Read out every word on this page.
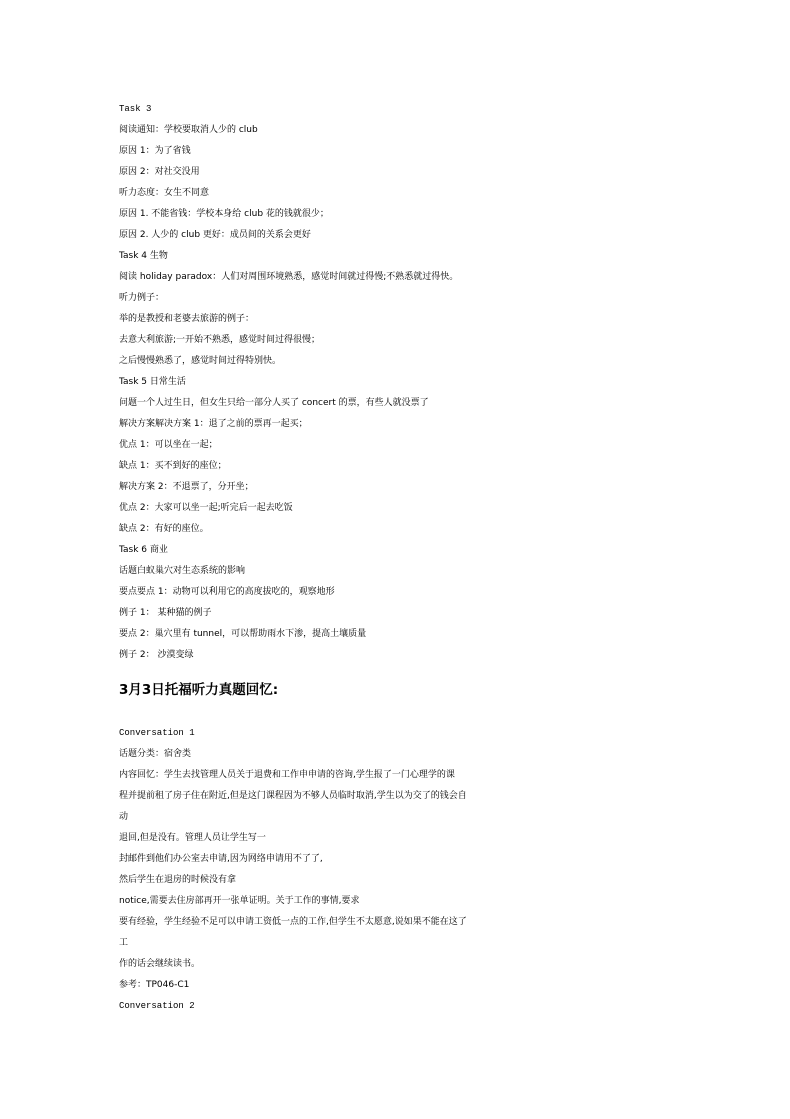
Task 3
阅读通知：学校要取消人少的 club
原因 1：为了省钱
原因 2：对社交没用
听力态度：女生不同意
原因 1. 不能省钱：学校本身给 club 花的钱就很少；
原因 2. 人少的 club 更好：成员间的关系会更好
Task 4 生物
阅读 holiday paradox：人们对周围环境熟悉，感觉时间就过得慢;不熟悉就过得快。
听力例子：
举的是教授和老婆去旅游的例子：
去意大利旅游;一开始不熟悉，感觉时间过得很慢；
之后慢慢熟悉了，感觉时间过得特别快。
Task 5 日常生活
问题一个人过生日，但女生只给一部分人买了 concert 的票，有些人就没票了
解决方案解决方案 1：退了之前的票再一起买；
优点 1：可以坐在一起；
缺点 1：买不到好的座位；
解决方案 2：不退票了，分开坐；
优点 2：大家可以坐一起;听完后一起去吃饭
缺点 2：有好的座位。
Task 6 商业
话题白蚁巢穴对生态系统的影响
要点要点 1：动物可以利用它的高度拔吃的，观察地形
例子 1： 某种猫的例子
要点 2：巢穴里有 tunnel，可以帮助雨水下渗，提高土壤质量
例子 2： 沙漠变绿
3月3日托福听力真题回忆:
Conversation 1
话题分类：宿舍类
内容回忆：学生去找管理人员关于退费和工作申申请的咨询,学生报了一门心理学的课
程并提前租了房子住在附近,但是这门课程因为不够人员临时取消,学生以为交了的钱会自
动
退回,但是没有。管理人员让学生写一
封邮件到他们办公室去申请,因为网络申请用不了了,
然后学生在退房的时候没有拿
notice,需要去住房部再开一张单证明。关于工作的事情,要求
要有经验，学生经验不足可以申请工资低一点的工作,但学生不太愿意,说如果不能在这了
工
作的话会继续读书。
参考：TP046-C1
Conversation 2
